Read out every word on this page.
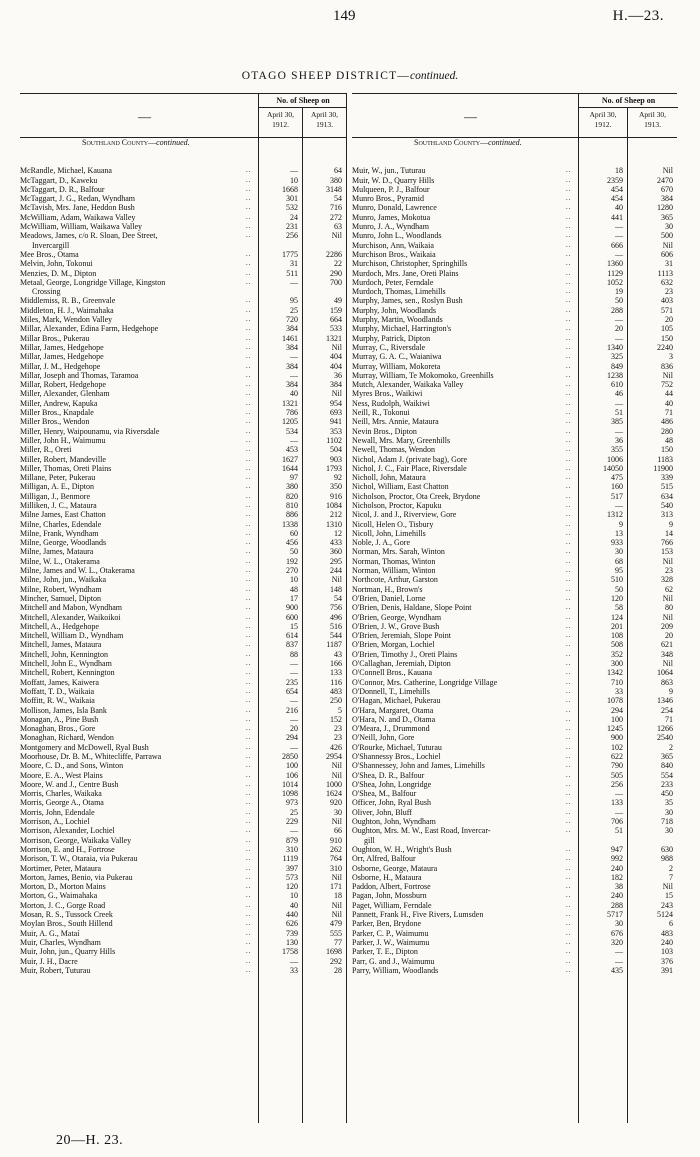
149	H.—23.
OTAGO SHEEP DISTRICT—continued.
—
No. of Sheep on
April 30,
1912.
April 30,
1913.
Southland County—continued.
McRandle, Michael, Kauana	..	—	64
McTaggart, D., Kaweku	..	10	380
McTaggart, D. R., Balfour	..	1668	3148
McTaggart, J. G., Redan, Wyndham	..	301	54
McTavish, Mrs. Jane, Heddon Bush	..	532	716
McWilliam, Adam, Waikawa Valley	..	24	272
McWilliam, William, Waikawa Valley	..	231	63
Meadows, James, c/o R. Sloan, Dee Street,	..	256	Nil
Invercargill
Mee Bros., Otama	..	1775	2286
Melvin, John, Tokonui	..	31	22
Menzies, D. M., Dipton	..	511	290
Metaal, George, Longridge Village, Kingston	..	—	700
Crossing
Middlemiss, R. B., Greenvale	..	95	49
Middleton, H. J., Waimahaka	..	25	159
Miles, Mark, Wendon Valley	..	720	664
Millar, Alexander, Edina Farm, Hedgehope	..	384	533
Millar Bros., Pukerau	..	1461	1321
Millar, James, Hedgehope	..	384	Nil
Millar, James, Hedgehope	..	—	404
Millar, J. M., Hedgehope	..	384	404
Millar, Joseph and Thomas, Taramoa	..	—	36
Millar, Robert, Hedgehope	..	384	384
Miller, Alexander, Glenham	..	40	Nil
Miller, Andrew, Kapuka	..	1321	954
Miller Bros., Knapdale	..	786	693
Miller Bros., Wendon	..	1205	941
Miller, Henry, Waipounamu, via Riversdale	..	534	353
Miller, John H., Waimumu	..	—	1102
Miller, R., Oreti	..	453	504
Miller, Robert, Mandeville	..	1627	903
Miller, Thomas, Oreti Plains	..	1644	1793
Millane, Peter, Pukerau	..	97	92
Milligan, A. E., Dipton	..	380	350
Milligan, J., Benmore	..	820	916
Milliken, J. C., Mataura	..	810	1084
Milne James, East Chatton	..	886	212
Milne, Charles, Edendale	..	1338	1310
Milne, Frank, Wyndham	..	60	12
Milne, George, Woodlands	..	456	433
Milne, James, Mataura	..	50	360
Milne, W. L., Otakerama	..	192	295
Milne, James and W. L., Otakerama	..	270	244
Milne, John, jun., Waikaka	..	10	Nil
Milne, Robert, Wyndham	..	48	148
Mincher, Samuel, Dipton	..	17	54
Mitchell and Mabon, Wyndham	..	900	756
Mitchell, Alexander, Waikoikoi	..	600	496
Mitchell, A., Hedgehope	..	15	516
Mitchell, William D., Wyndham	..	614	544
Mitchell, James, Mataura	..	837	1187
Mitchell, John, Kennington	..	88	43
Mitchell, John E., Wyndham	..	—	166
Mitchell, Robert, Kennington	..	—	133
Moffatt, James, Kaiwera	..	235	116
Moffatt, T. D., Waikaia	..	654	483
Moffitt, R. W., Waikaia	..	—	250
Mollison, James, Isla Bank	..	216	5
Monagan, A., Pine Bush	..	—	152
Monaghan, Bros., Gore	..	20	23
Monaghan, Richard, Wendon	..	294	23
Montgomery and McDowell, Ryal Bush	..	—	426
Moorhouse, Dr. B. M., Whitecliffe, Parrawa	..	2850	2954
Moore, C. D., and Sons, Winton	..	100	Nil
Moore, E. A., West Plains	..	106	Nil
Moore, W. and J., Centre Bush	..	1014	1000
Morris, Charles, Waikaka	..	1098	1624
Morris, George A., Otama	..	973	920
Morris, John, Edendale	..	25	30
Morrison, A., Lochiel	..	229	Nil
Morrison, Alexander, Lochiel	..	—	66
Morrison, George, Waikaka Valley	..	879	910
Morrison, E. and H., Fortrose	..	310	262
Morison, T. W., Otaraia, via Pukerau	..	1119	764
Mortimer, Peter, Mataura	..	397	310
Morton, James, Benio, via Pukerau	..	573	Nil
Morton, D., Morton Mains	..	120	171
Morton, G., Waimahaka	..	10	18
Morton, J. C., Gorge Road	..	40	Nil
Mosan, R. S., Tussock Creek	..	440	Nil
Moylan Bros., South Hillend	..	626	479
Muir, A. G., Mataí	..	739	555
Muir, Charles, Wyndham	..	130	77
Muir, John, jun., Quarry Hills	..	1758	1698
Muir, J. H., Dacre	..	—	292
Muir, Robert, Tuturau	..	33	28
—
No. of Sheep on
April 30,
1912.
April 30,
1913.
Southland County—continued.
Muir, W., jun., Tuturau	..	18	Nil
Muir, W. D., Quarry Hills	..	2359	2470
Mulqueen, P. J., Balfour	..	454	670
Munro Bros., Pyramid	..	454	384
Munro, Donald, Lawrence	..	40	1280
Munro, James, Mokotua	..	441	365
Munro, J. A., Wyndham	..	—	30
Munro, John L., Woodlands	..	—	500
Murchison, Ann, Waikaia	..	666	Nil
Murchison Bros., Waikaia	..	—	606
Murchison, Christopher, Springhills	..	1360	31
Murdoch, Mrs. Jane, Oreti Plains	..	1129	1113
Murdoch, Peter, Ferndale	..	1052	632
Murdoch, Thomas, Limehills	..	19	23
Murphy, James, sen., Roslyn Bush	..	50	403
Murphy, John, Woodlands	..	288	571
Murphy, Martin, Woodlands	..	—	20
Murphy, Michael, Harrington's	..	20	105
Murphy, Patrick, Dipton	..	—	150
Murray, C., Riversdale	..	1340	2240
Murray, G. A. C., Waianiwa	..	325	3
Murray, William, Mokoreta	..	849	836
Murray, William, Te Mokomoko, Greenhills	..	1238	Nil
Mutch, Alexander, Waikaka Valley	..	610	752
Myres Bros., Waikiwi	..	46	44
Ness, Rudolph, Waikiwi	..	—	40
Neill, R., Tokonui	..	51	71
Neill, Mrs. Annie, Mataura	..	385	486
Nevin Bros., Dipton	..	—	280
Newall, Mrs. Mary, Greenhills	..	36	48
Newell, Thomas, Wendon	..	355	150
Nichol, Adam J. (private bag), Gore	..	1006	1183
Nichol, J. C., Fair Place, Riversdale	..	14050	11900
Nicholl, John, Mataura	..	475	339
Nichol, William, East Chatton	..	160	515
Nicholson, Proctor, Ota Creek, Brydone	..	517	634
Nicholson, Proctor, Kapuku	..	—	540
Nicol, J. and J., Riverview, Gore	..	1312	313
Nicoll, Helen O., Tisbury	..	9	9
Nicoll, John, Limehills	..	13	14
Noble, J. A., Gore	..	933	766
Norman, Mrs. Sarah, Winton	..	30	153
Norman, Thomas, Winton	..	68	Nil
Norman, William, Winton	..	95	23
Northcote, Arthur, Garston	..	510	328
Nortman, H., Brown's	..	50	62
O'Brien, Daniel, Lorne	..	120	Nil
O'Brien, Denis, Haldane, Slope Point	..	58	80
O'Brien, George, Wyndham	..	124	Nil
O'Brien, J. W., Grove Bush	..	201	209
O'Brien, Jeremiah, Slope Point	..	108	20
O'Brien, Morgan, Lochiel	..	508	621
O'Brien, Timothy J., Oreti Plains	..	352	348
O'Callaghan, Jeremiah, Dipton	..	300	Nil
O'Connell Bros., Kauana	..	1342	1064
O'Connor, Mrs. Catherine, Longridge Village	..	710	863
O'Donnell, T., Limehills	..	33	9
O'Hagan, Michael, Pukerau	..	1078	1346
O'Hara, Margaret, Otama	..	294	254
O'Hara, N. and D., Otama	..	100	71
O'Meara, J., Drummond	..	1245	1266
O'Neill, John, Gore	..	900	2540
O'Rourke, Michael, Tuturau	..	102	2
O'Shannessy Bros., Lochiel	..	622	365
O'Shannessey, John and James, Limehills	..	790	840
O'Shea, D. R., Balfour	..	505	554
O'Shea, John, Longridge	..	256	233
O'Shea, M., Balfour	..	—	450
Officer, John, Ryal Bush	..	133	35
Oliver, John, Bluff	..	—	30
Oughton, John, Wyndham	..	706	718
Oughton, Mrs. M. W., East Road, Invercar-	..	51	30
gill
Oughton, W. H., Wright's Bush	..	947	630
Orr, Alfred, Balfour	..	992	988
Osborne, George, Mataura	..	240	2
Osborne, H., Mataura	..	182	7
Paddon, Albert, Fortrose	..	38	Nil
Pagan, John, Mossburn	..	240	15
Paget, William, Ferndale	..	288	243
Pannett, Frank H., Five Rivers, Lumsden	..	5717	5124
Parker, Ben, Brydone	..	30	6
Parker, C. P., Waimumu	..	676	483
Parker, J. W., Waimumu	..	320	240
Parker, T. E., Dipton	..	—	103
Parr, G. and J., Waimumu	..	—	376
Parry, William, Woodlands	..	435	391
20—H. 23.
